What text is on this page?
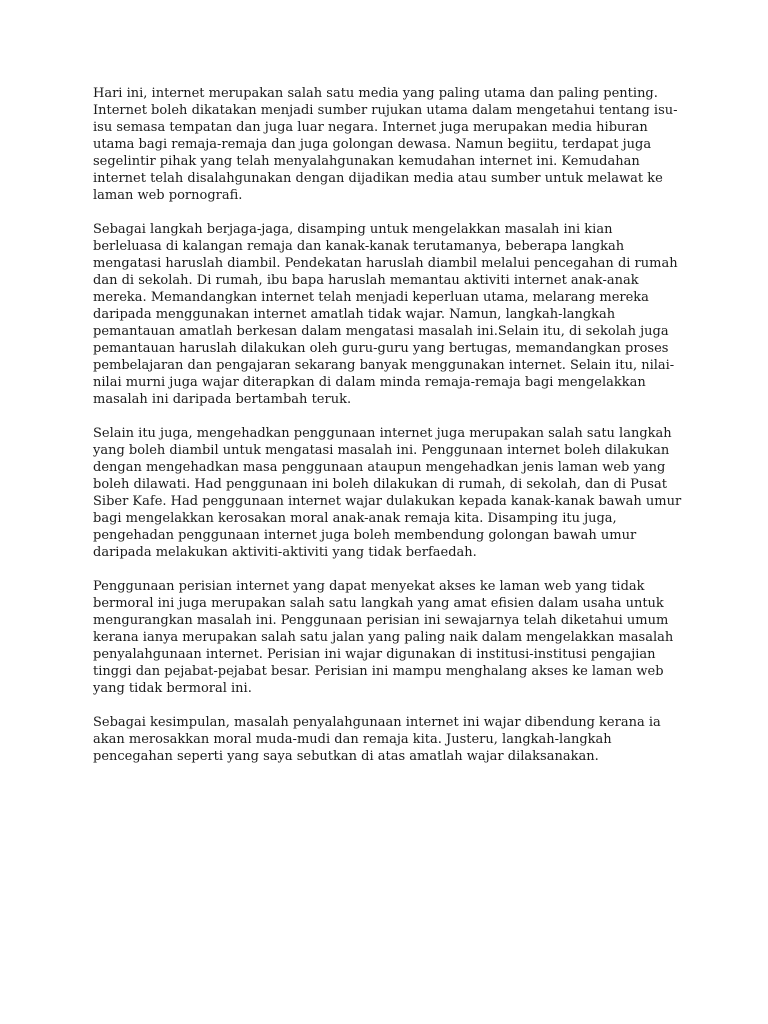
Hari ini, internet merupakan salah satu media yang paling utama dan paling penting. Internet boleh dikatakan menjadi sumber rujukan utama dalam mengetahui tentang isu-isu semasa tempatan dan juga luar negara. Internet juga merupakan media hiburan utama bagi remaja-remaja dan juga golongan dewasa. Namun begiitu, terdapat juga segelintir pihak yang telah menyalahgunakan kemudahan internet ini. Kemudahan internet telah disalahgunakan dengan dijadikan media atau sumber untuk melawat ke laman web pornografi.

Sebagai langkah berjaga-jaga, disamping untuk mengelakkan masalah ini kian berleluasa di kalangan remaja dan kanak-kanak terutamanya, beberapa langkah mengatasi haruslah diambil. Pendekatan haruslah diambil melalui pencegahan di rumah dan di sekolah. Di rumah, ibu bapa haruslah memantau aktiviti internet anak-anak mereka. Memandangkan internet telah menjadi keperluan utama, melarang mereka daripada menggunakan internet amatlah tidak wajar. Namun, langkah-langkah pemantauan amatlah berkesan dalam mengatasi masalah ini.Selain itu, di sekolah juga pemantauan haruslah dilakukan oleh guru-guru yang bertugas, memandangkan proses pembelajaran dan pengajaran sekarang banyak menggunakan internet. Selain itu, nilai-nilai murni juga wajar diterapkan di dalam minda remaja-remaja bagi mengelakkan masalah ini daripada bertambah teruk.

Selain itu juga, mengehadkan penggunaan internet juga merupakan salah satu langkah yang boleh diambil untuk mengatasi masalah ini. Penggunaan internet boleh dilakukan dengan mengehadkan masa penggunaan ataupun mengehadkan jenis laman web yang boleh dilawati. Had penggunaan ini boleh dilakukan di rumah, di sekolah, dan di Pusat Siber Kafe. Had penggunaan internet wajar dulakukan kepada kanak-kanak bawah umur bagi mengelakkan kerosakan moral anak-anak remaja kita. Disamping itu juga, pengehadan penggunaan internet juga boleh membendung golongan bawah umur daripada melakukan aktiviti-aktiviti yang tidak berfaedah.

Penggunaan perisian internet yang dapat menyekat akses ke laman web yang tidak bermoral ini juga merupakan salah satu langkah yang amat efisien dalam usaha untuk mengurangkan masalah ini. Penggunaan perisian ini sewajarnya telah diketahui umum kerana ianya merupakan salah satu jalan yang paling naik dalam mengelakkan masalah penyalahgunaan internet. Perisian ini wajar digunakan di institusi-institusi pengajian tinggi dan pejabat-pejabat besar. Perisian ini mampu menghalang akses ke laman web yang tidak bermoral ini.

Sebagai kesimpulan, masalah penyalahgunaan internet ini wajar dibendung kerana ia akan merosakkan moral muda-mudi dan remaja kita. Justeru, langkah-langkah pencegahan seperti yang saya sebutkan di atas amatlah wajar dilaksanakan.
